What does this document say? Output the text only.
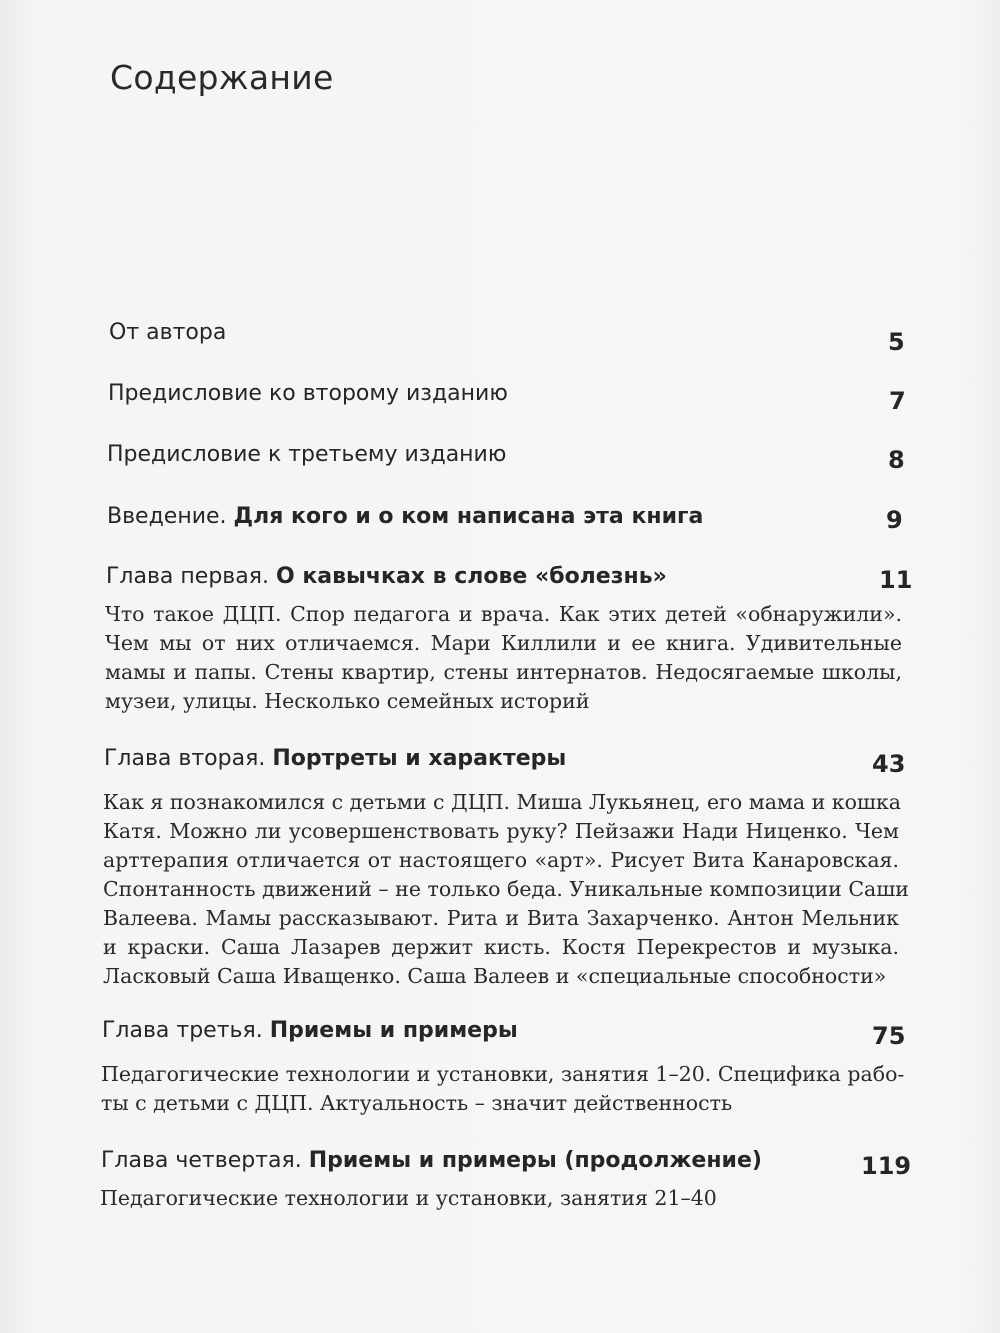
Содержание
От автора	5
Предисловие ко второму изданию	7
Предисловие к третьему изданию	8
Введение. Для кого и о ком написана эта книга	9
Глава первая. О кавычках в слове «болезнь»	11
Что такое ДЦП. Спор педагога и врача. Как этих детей «обнаружили».
Чем мы от них отличаемся. Мари Киллили и ее книга. Удивительные
мамы и папы. Стены квартир, стены интернатов. Недосягаемые школы,
музеи, улицы. Несколько семейных историй
Глава вторая. Портреты и характеры	43
Как я познакомился с детьми с ДЦП. Миша Лукьянец, его мама и кошка
Катя. Можно ли усовершенствовать руку? Пейзажи Нади Ниценко. Чем
арттерапия отличается от настоящего «арт». Рисует Вита Канаровская.
Спонтанность движений – не только беда. Уникальные композиции Саши
Валеева. Мамы рассказывают. Рита и Вита Захарченко. Антон Мельник
и краски. Саша Лазарев держит кисть. Костя Перекрестов и музыка.
Ласковый Саша Иващенко. Саша Валеев и «специальные способности»
Глава третья. Приемы и примеры	75
Педагогические технологии и установки, занятия 1–20. Специфика рабо-
ты с детьми с ДЦП. Актуальность – значит действенность
Глава четвертая. Приемы и примеры (продолжение)	119
Педагогические технологии и установки, занятия 21–40
